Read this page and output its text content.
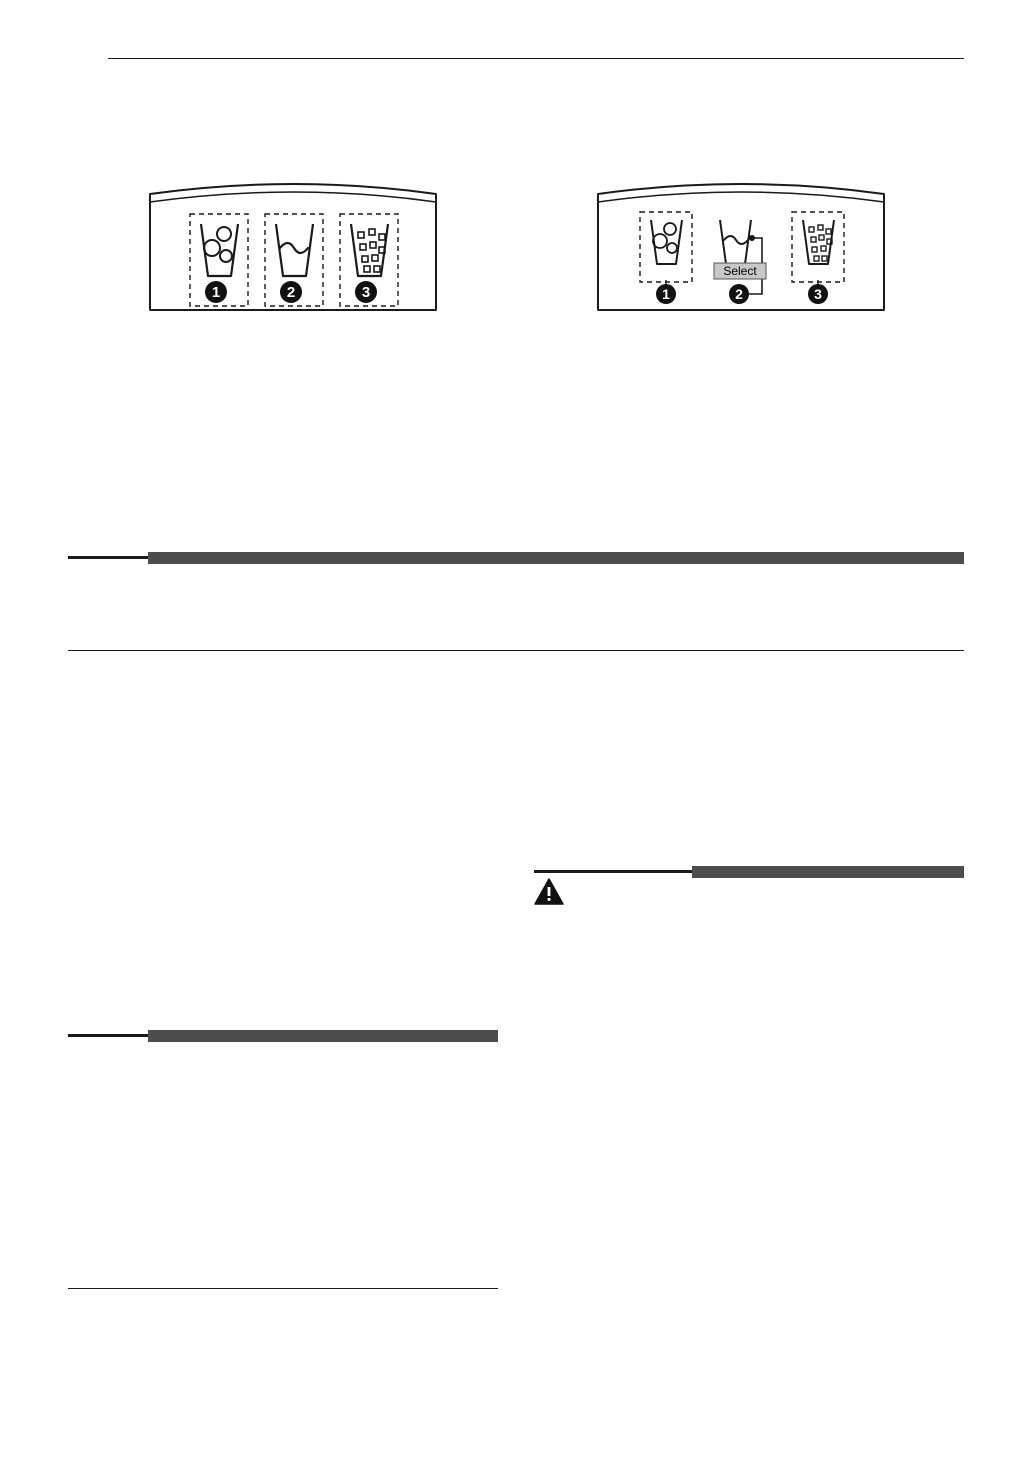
1	2	3	1	2
Select
3
